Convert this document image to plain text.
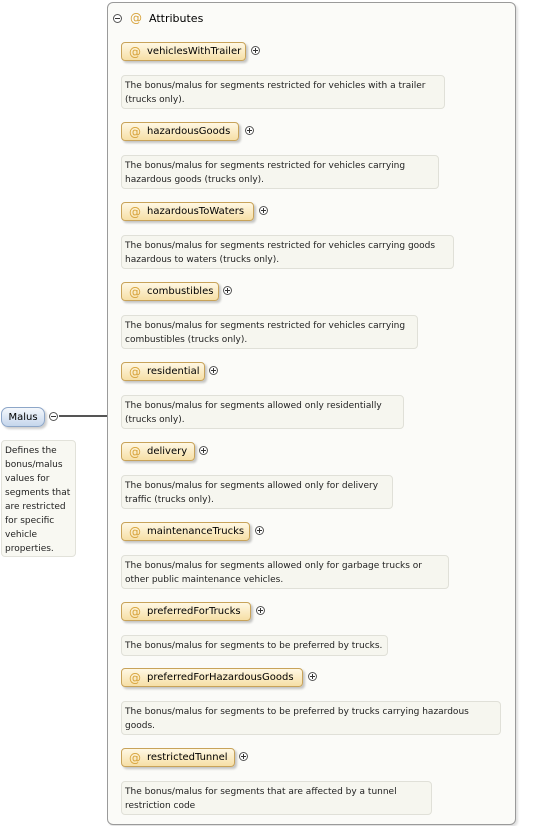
Malus
Defines the bonus/malus values for segments that are restricted for specific vehicle properties.
@ Attributes
@ vehiclesWithTrailer
The bonus/malus for segments restricted for vehicles with a trailer (trucks only).
@ hazardousGoods
The bonus/malus for segments restricted for vehicles carrying hazardous goods (trucks only).
@ hazardousToWaters
The bonus/malus for segments restricted for vehicles carrying goods hazardous to waters (trucks only).
@ combustibles
The bonus/malus for segments restricted for vehicles carrying combustibles (trucks only).
@ residential
The bonus/malus for segments allowed only residentially (trucks only).
@ delivery
The bonus/malus for segments allowed only for delivery traffic (trucks only).
@ maintenanceTrucks
The bonus/malus for segments allowed only for garbage trucks or other public maintenance vehicles.
@ preferredForTrucks
The bonus/malus for segments to be preferred by trucks.
@ preferredForHazardousGoods
The bonus/malus for segments to be preferred by trucks carrying hazardous goods.
@ restrictedTunnel
The bonus/malus for segments that are affected by a tunnel restriction code
